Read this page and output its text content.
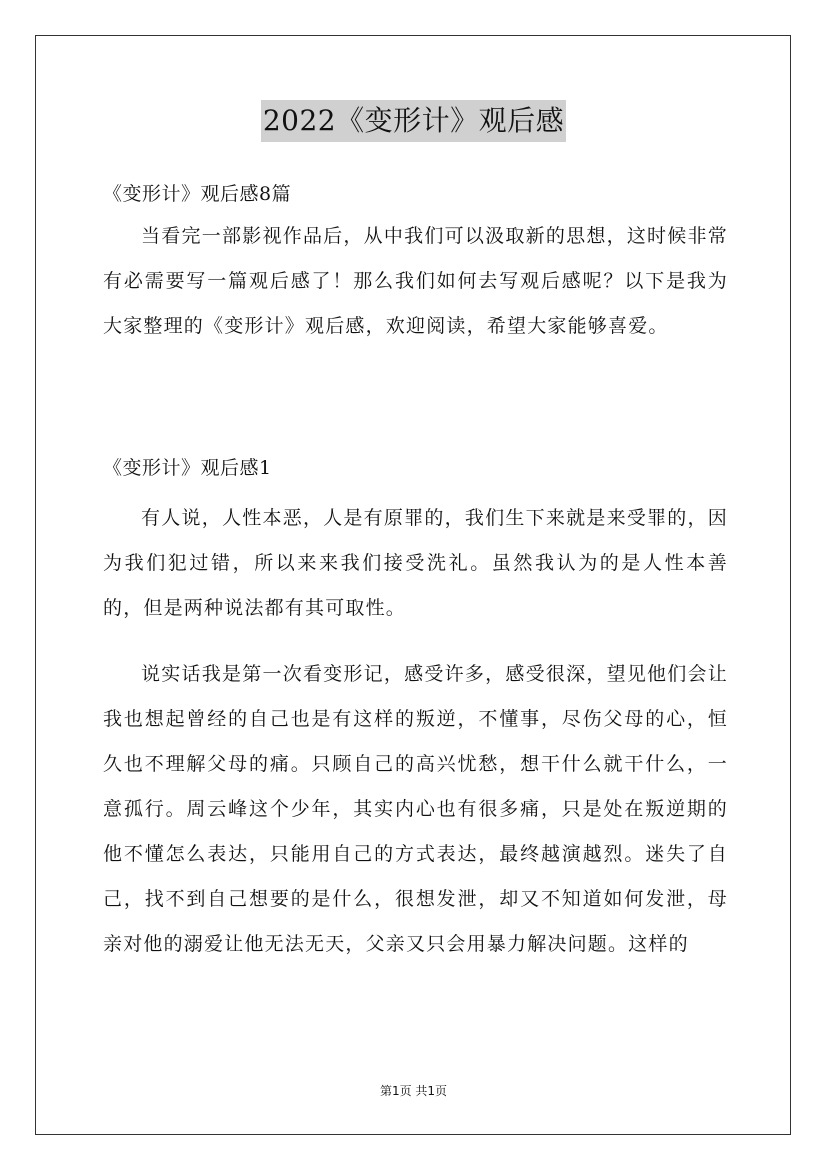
2022《变形计》观后感

《变形计》观后感8篇

当看完一部影视作品后，从中我们可以汲取新的思想，这时候非常有必需要写一篇观后感了！那么我们如何去写观后感呢？以下是我为大家整理的《变形计》观后感，欢迎阅读，希望大家能够喜爱。

《变形计》观后感1

有人说，人性本恶，人是有原罪的，我们生下来就是来受罪的，因为我们犯过错，所以来来我们接受洗礼。虽然我认为的是人性本善的，但是两种说法都有其可取性。

说实话我是第一次看变形记，感受许多，感受很深，望见他们会让我也想起曾经的自己也是有这样的叛逆，不懂事，尽伤父母的心，恒久也不理解父母的痛。只顾自己的高兴忧愁，想干什么就干什么，一意孤行。周云峰这个少年，其实内心也有很多痛，只是处在叛逆期的他不懂怎么表达，只能用自己的方式表达，最终越演越烈。迷失了自己，找不到自己想要的是什么，很想发泄，却又不知道如何发泄，母亲对他的溺爱让他无法无天，父亲又只会用暴力解决问题。这样的

第1页 共1页
